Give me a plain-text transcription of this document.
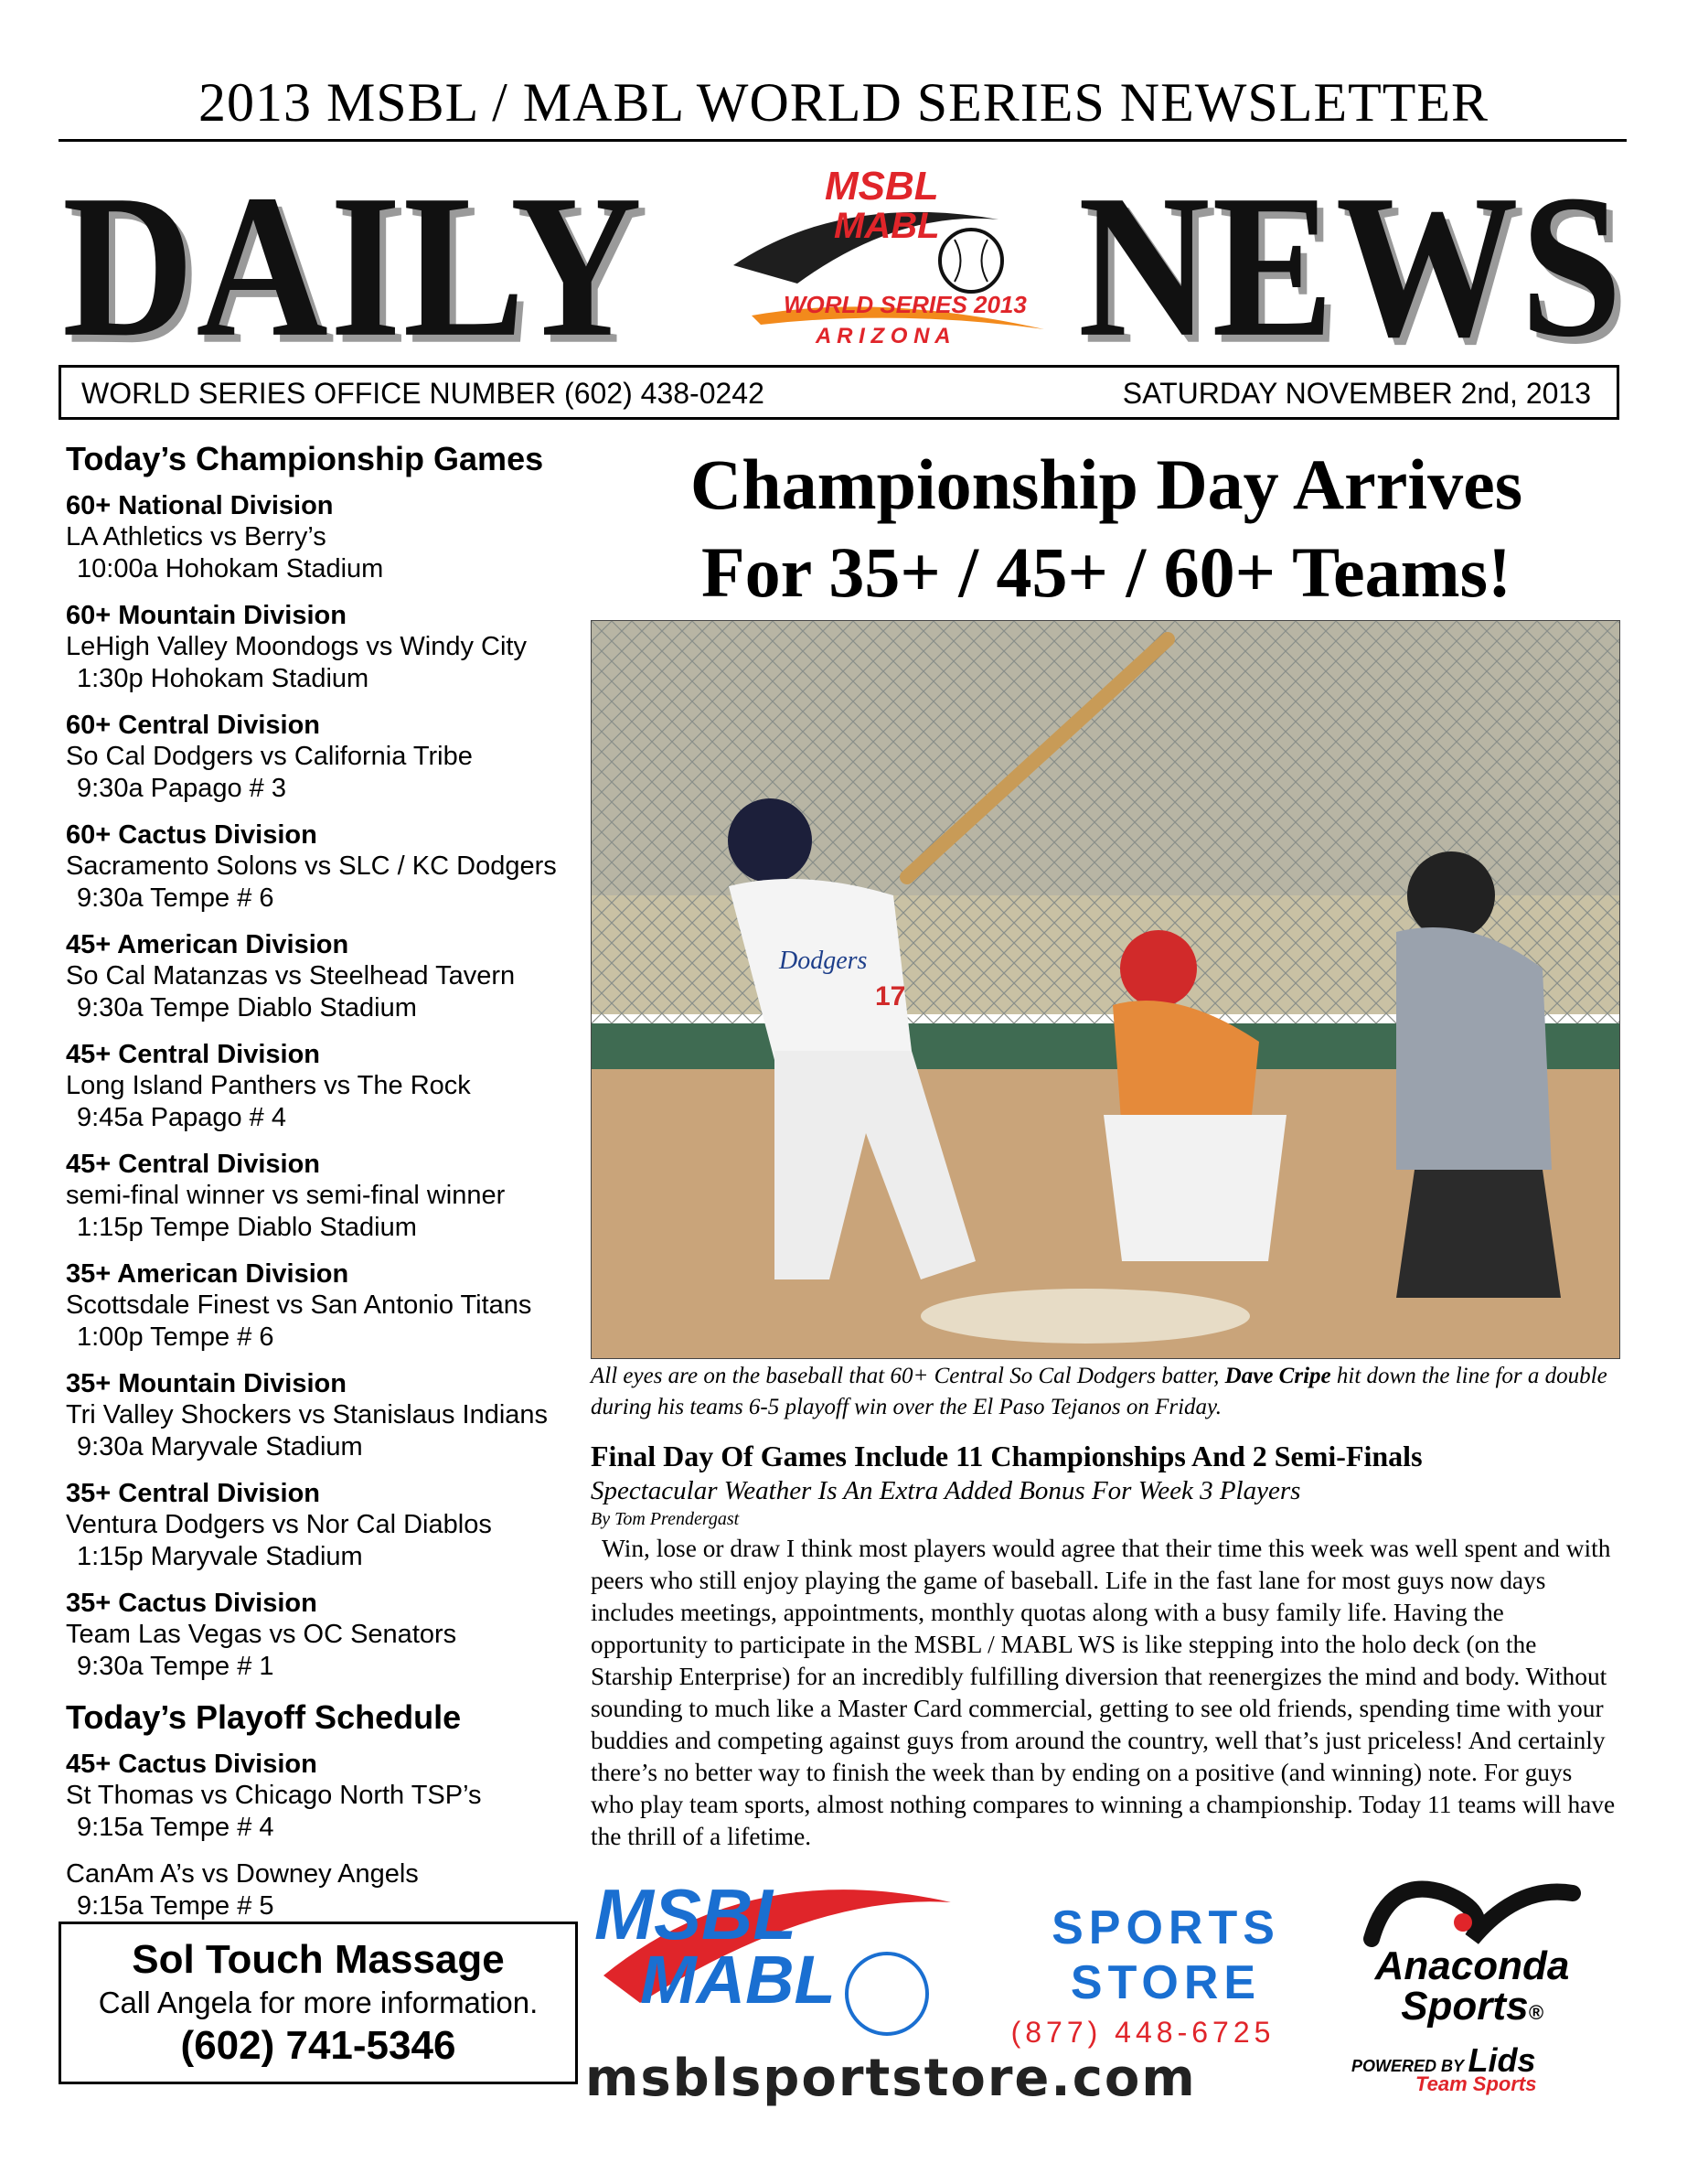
2013 MSBL / MABL WORLD SERIES NEWSLETTER
DAILY NEWS
MSBL
MABL
WORLD SERIES 2013
A R I Z O N A
WORLD SERIES OFFICE NUMBER (602) 438-0242	SATURDAY NOVEMBER 2nd, 2013
Today’s Championship Games
60+ National Division
LA Athletics vs Berry’s
10:00a Hohokam Stadium
60+ Mountain Division
LeHigh Valley Moondogs vs Windy City
1:30p Hohokam Stadium
60+ Central Division
So Cal Dodgers vs California Tribe
9:30a Papago # 3
60+ Cactus Division
Sacramento Solons vs SLC / KC Dodgers
9:30a Tempe # 6
45+ American Division
So Cal Matanzas vs Steelhead Tavern
9:30a Tempe Diablo Stadium
45+ Central Division
Long Island Panthers vs The Rock
9:45a Papago # 4
45+ Central Division
semi-final winner vs semi-final winner
1:15p Tempe Diablo Stadium
35+ American Division
Scottsdale Finest vs San Antonio Titans
1:00p Tempe # 6
35+ Mountain Division
Tri Valley Shockers vs Stanislaus Indians
9:30a Maryvale Stadium
35+ Central Division
Ventura Dodgers vs Nor Cal Diablos
1:15p Maryvale Stadium
35+ Cactus Division
Team Las Vegas vs OC Senators
9:30a Tempe # 1
Today’s Playoff Schedule
45+ Cactus Division
St Thomas vs Chicago North TSP’s
9:15a Tempe # 4
CanAm A’s vs Downey Angels
9:15a Tempe # 5
Sol Touch Massage
Call Angela for more information.
(602) 741-5346
Championship Day Arrives
For 35+ / 45+ / 60+ Teams!
Dodgers
17
All eyes are on the baseball that 60+ Central So Cal Dodgers batter, Dave Cripe hit down the line for a double during his teams 6-5 playoff win over the El Paso Tejanos on Friday.
Final Day Of Games Include 11 Championships And 2 Semi-Finals
Spectacular Weather Is An Extra Added Bonus For Week 3 Players
By Tom Prendergast
Win, lose or draw I think most players would agree that their time this week was well spent and with peers who still enjoy playing the game of baseball. Life in the fast lane for most guys now days includes meetings, appointments, monthly quotas along with a busy family life. Having the opportunity to participate in the MSBL / MABL WS is like stepping into the holo deck (on the Starship Enterprise) for an incredibly fulfilling diversion that reenergizes the mind and body. Without sounding to much like a Master Card commercial, getting to see old friends, spending time with your buddies and competing against guys from around the country, well that’s just priceless! And certainly there’s no better way to finish the week than by ending on a positive (and winning) note. For guys who play team sports, almost nothing compares to winning a championship. Today 11 teams will have the thrill of a lifetime.
MSBL
MABL
SPORTS
STORE
(877) 448-6725
msblsportstore.com
Anaconda
Sports®
POWERED BY Lids
Team Sports
